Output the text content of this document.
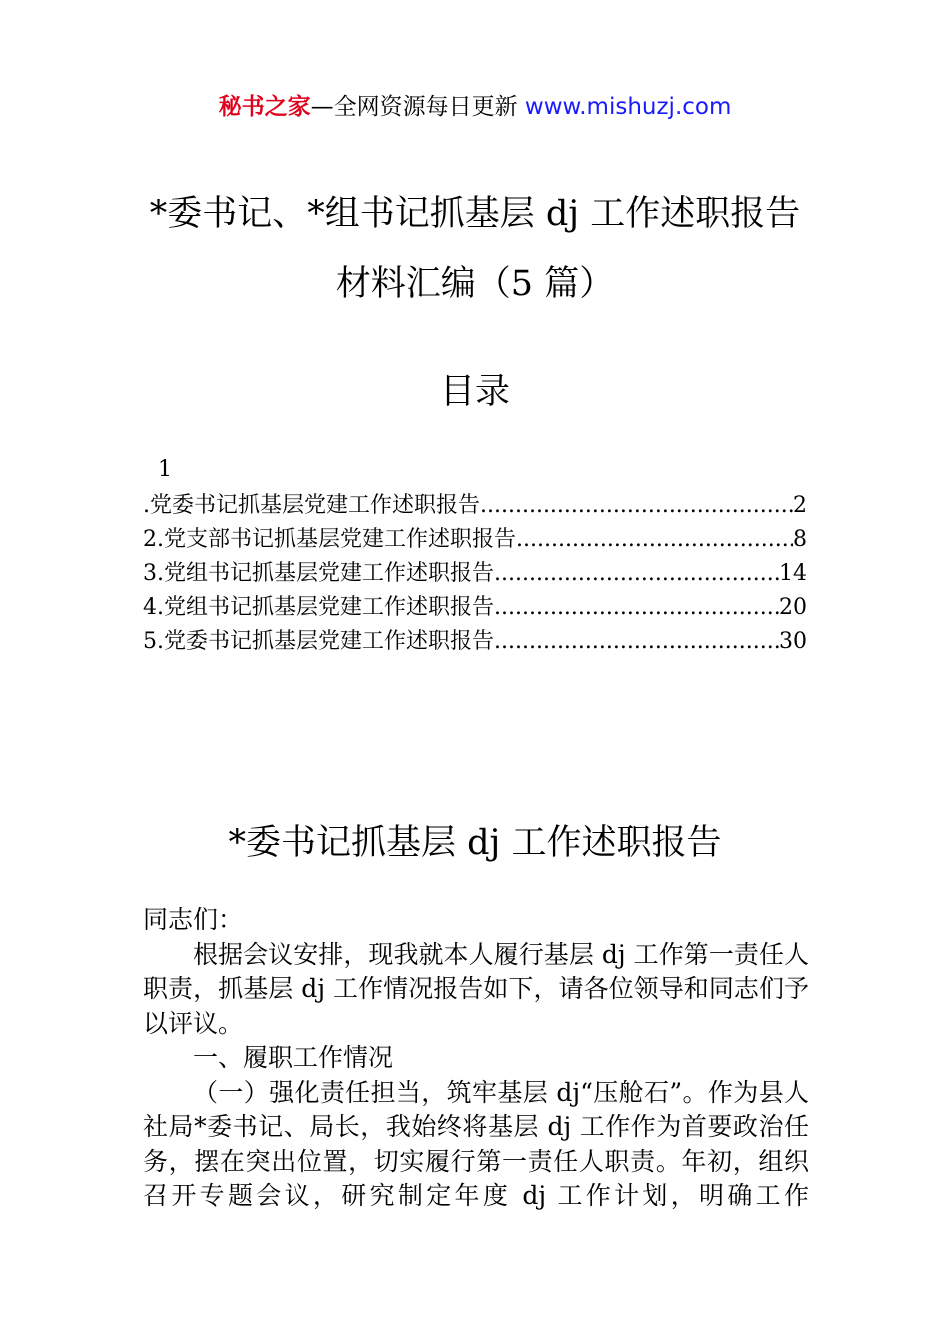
秘书之家—全网资源每日更新 www.mishuzj.com
*委书记、*组书记抓基层 dj 工作述职报告
材料汇编（5 篇）
目录
1
.党委书记抓基层党建工作述职报告 .....	2
2.党支部书记抓基层党建工作述职报告 .....	8
3.党组书记抓基层党建工作述职报告 .....	14
4.党组书记抓基层党建工作述职报告 .....	20
5.党委书记抓基层党建工作述职报告 .....	30
*委书记抓基层 dj 工作述职报告

同志们：

根据会议安排，现我就本人履行基层 dj 工作第一责任人职责，抓基层 dj 工作情况报告如下，请各位领导和同志们予以评议。

一、履职工作情况

（一）强化责任担当，筑牢基层 dj“压舱石”。作为县人社局*委书记、局长，我始终将基层 dj 工作作为首要政治任务，摆在突出位置，切实履行第一责任人职责。年初，组织召开专题会议，研究制定年度 dj 工作计划，明确工作
